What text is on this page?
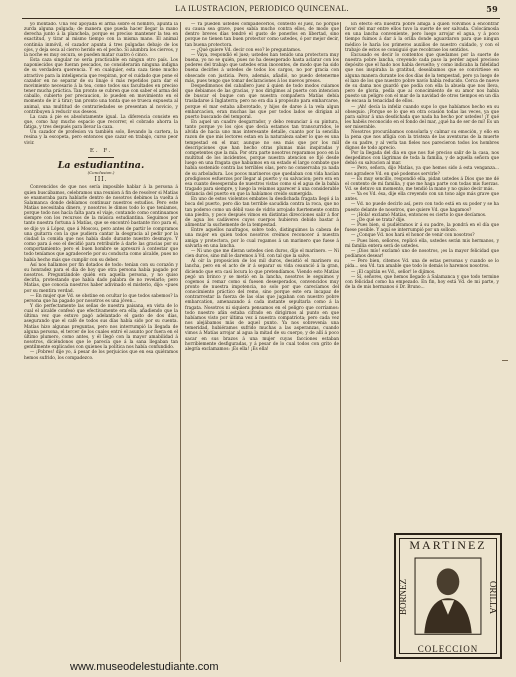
LA ILUSTRACION, PERIODICO QUINCENAL.	59

yo montado. Una vez apoyada el arma sobre el hombro, apunta la zurda alguna pulgada; de manera que pueda hacer llegar la mano derecha junto á la planchela, porque es preciso mantener la tea en exactitud, y tirar al mismo tiempo con la misma mano. El animal continúa inmóvil, el cazador apunta á tres pulgadas debajo de los ojos, y deja seca al ciervo herido en el pecho. Si alumbra los ciervos, y la noche es muy oscura, se pueden matar cuatro ó cinco.

Esta caza singular no sería practicable en ningun otro país. Los naponiecidos que fueran pescados, no considerarán ninguna indigna de su verdadera querencia. Y en cualquier, esta caza tiene mucho atractivo para la inteligencia que respiran, por el cuidado que pone el cazador en no separar de su linaje ó más repetidos para dar el movimiento necesario á la tea, como todos sus facultades en preciso tener mucha práctica. Tan pronto se cubren que con saber el arma del caballo, cubierto por precaucion, lo pueden en movimiento en el momento de ir á tirar; tan pronto una tonta que se trueca expuesta al animal, una multitud de contrariedades se presentan al novicio, y contribuyen á reducir sus deseos.

La caza á pie es absolutamente igual. La diferencia consiste en que, como hay mucho espacio que recorrer, el cobrado ahorra la fatiga, y tres después para llevar la caza.

Un cazador de profesion va también solo, llevando la cartera, la resina y la escopeta, pero entonces que cazar en trabajo, curso peor vivir.

E. F.
La estudiantina.
(Conclusion.)
III.

Convencidos de que nos sería imposible hablar á la persona á quien buscábamos, celebramos una reunion á fin de resolver si Matías se enamoraba para hablarle dentro de nosotros debimos la vuelta á Salamanca donde debíamos continuar nuestros estudios. Pero este Matías necesitaba dinero, y nosotros le dimos todo lo que teníamos, porque todo nos hacía falta para el viaje, contando como continuamos siempre con los recursos de la música estudiantina. Seguimos por tanto nuestra fortuna á Matías, que se encontró bastante rico para el, se dijo yo á López, que á Moscou, pero antes de partir le compramos una guitarra con la que pudiera cantar la desgracia al pedir por la ciudad la comida que nos había dado durante nuestro desmayo. Y como para á eso el decidió para retribuirle á darle las gracias por su comportamiento; pero el buen hombre se apresuró á contestar que todo teníamos que agradecerle por su conducta como alcalde, pues no había hecho más que cumplir con su deber.

Así nos hallamos por fin dotados de todo: tenían con su corazón y su honradez para el día de hoy que otra persona había pagado por nosotros. Preguntándole quién era aquella persona, y no quiso decirla, protestando que había dado palabra de no revelarlo; pero Matías, que conocía nuestros haber adivinado el misterio, dijo: «pues por su mentira verdad.

— En mujer que Vd. se obstine en ocultar lo que todos sabemos? la persona que ha pagado por nosotros es una jóven...

Y dio perfectamente las señas de nuestra paisana, en vista de lo cual el alcalde confesó que efectivamente era ella; añadiendo que la última vez que estuvo pagó adelantado el gasto de dos días, asegurando que el café de todos sus días había sido por su cuenta. Matías hizo algunas preguntas, pero nos interrumpió la llegada de alguna persona, el tercer de los cuales entró el asunto por fuera en el último plumero, como antes, y él llegó con la mayor amabilidad á nosotros, diciéndonos que le parecía que á la sana llegaban tan gentilmente explicados con quienes la política nos había confundido.

— ¡Pobres! dije yo, á pesar de los perjuicios que en esa quiéramos hemos sufrido, los compadezco.

— Ya pueden ustedes compadecerlos, contestó el juez, no porque su causa sea grave, pues sabía mucho contra ellos, de modo que dentro breves días tendré el gusto de ponerlos en libertad, sino porque no tienen tan buen protector como ustedes, ó por mejor decir, tan buena protectora.

— ¿Qué quiere Vd. decir con eso? le preguntamos.

— Vaya, respondió el juez; ustedes han tenido una protectora muy buena, yo no se quién, pues no ha desesperado hasta aclarar con los poderes del trabajo que ustedes eran inocentes, de modo que ha sido buena decirles á ustedes de todos los cargos, no por gracia con obsecado con justicia. Pero, además, añadió, no puedo detenerme más, pues tengo que tomar declaraciones á los nuevos presos.

Despedimonos del caballero juez á quien de todo modos cuiamos que debiamos de las gracias, y nos dirigimos al puerto con intencion de buscar el buque con que nuestra compañera Matías debía trasladarse á Inglaterra; pero no era dia á propósito para embarcarse, porque el mar estaba alborotado, y hijos de darse á la vela algun embarcacion, eran muchas las que por todos lados se dirigian al puerto buscando del temporal.

En aquel un cuadro desgarrador, y debo renunciar á su pintura, tanto porque yo los ojos que decía estamos tan transcurridos, le alvida de hacia uno mas interesante detalle, cuanto por la sencilla razon de que mis lectores estan en la naturaleza saber lo que es una tempestad en el mar, aunque no sea más que por los mil descripciones que han hecho otras plumas más inspiradas y competentes que la mía. Por otra parte nosotros reparamos poco en la multitud de los incidentes, porque nuestra atencion se fijó desde luego en una fragata que habíamos en su estado el largo combate que había sostenido contra las terribles olas, pero no conservaba ya nada de su arboladura. Los pocos marineros que quedaban con vida hacían prodigiosos esfuerzos por llegar al puerto y su salvacion; pero era en esa cuanto desesperaba de nuestros vistas como si el agua de la bahía tragado para siempre, y luego la veíamos aparecer á una considerable distancia del puerto en que la habíamos creído sumergida.

En uno de estos violentos embates la desdichada fragata llegó á la boca del puerto, pero dio tan terrible sacudida contra la roca, que no tan poderso como un débil vaso de vidrio arrojado fuertemente contra una piedra, y poco después vimos en distintas direcciones salir á flor de agua los cadáveres cuyos cuerpos hubieron debido bastar á alimentar la suchemente de la tempestad.

Entre aquellos naufragos, sobre todo, distinguimos la cabeza de una mujer en quien todos nosotros creímos reconocer á nuestra amiga y protectora, por lo cual rogamos á un marinero que fuese á salvarla en una lancha.

— Ni uno que me dieran ustedes cien duros, dijo el marinero. — Ni cien duros, sino mil le daremos á Vd. con tal que la salve.

Al oír la proposicion de los mil duros, desistió el marinero su lancha, pero en el acto de ir á separar su vida ceaunció á la gran, diciendo que era casi locura lo que pretendíamos. Viendo esto Matías pegó un brinco y se metió en la lancha, nosotros le seguimos y cogemos á remar como si fuesen desesperados, convencidos muy pronto de nuestra impotencia, no solo por que carecíamos del conocimiento práctico del remo, sino porque este era incapaz de contrarrestar la fuerza de las olas que jugaban con nuestro pobre embarcation, amenazando á cada instante sepultarla como á la fragata. Nosotros ni siquiera pensamos en el peligro que corríamos: todo nuestro afán estaba cifrado en dirigirnos al punto en que habíamos visto por última vez á nuestra compatriota; pero cada vez nos alejábamos más de aquel punto. Ya nos sobrevenía una temeridad, hubiéramos sufrido muchas a las asperanzas, cuando vimos á Matías arrojar al agua la mitad de su cuerpo, y de allí á poco sacar en sus brazos á una mujer cuyas facciones estaban horriblemente desfiguradas, y á pesar de lo cual todos con grito de alegría exclamamos: ¡Es ella! ¡Es ella!

En efecto era nuestra pobre amiga á quien volvimos á encontrar favor del mar entre ellos tuvo la suerte de ser salvada. Colocámosla en una lancha conveniente, pero luego arrojar el agua, y á poco tiempo fuimos á dar á la orilla donde aguardaron para que ningun médico le haría los primeros auxilios de nuestro cuidado, y con el trabajo de estos se consiguió que recobrase los sentidos.

Excusado es decir lo contentos que quedamos por la suerte de nuestra pobre lancha, creyendo cada paso la perder aquel precioso depósito que el hado nos había devuelto; y como indicaba la fidelidad que nos inspiraba la gratitud, deseábamos que se convirtiese en alguna manera durante los dos días de la tempestad, pero ya luego de el lazo de los que nuestro pobre navío había reducido. Cerca de nueve de su dama nos guardó que podía con ella la abuela que nos lleva, pero de gloria, pedía que al conocimiento de su amor nos había puesto un peligro con el mar de la navidad de otros tiempos en un día de escasa la tenacidad de ellos.

— ¡Ah! decía la infeliz cuando supo lo que habíamos hecho en su obsequio. ¡Porque se lo que en otra ocasión todas las veces, ya que para salvar á una desdichada que nada ha hecho por ustedes! ¡Y qué les habéis reconocido en el fondo del mar, ¿qué ha de ser de mí! Es un ser miserable.

Nosotros procurábamos consolarla y calmar su emoción, y ello en la pena que nos afligía con la tristeza de las aventuras de la muerte de su padre, y al verla tan fieles nos parecieron todos los hombres dignos de todo aprecio.

Por la llegada del dia en que nos fué preciso salir de la casa, nos despedimos con lágrimas de toda la familia, y de aquella señora que debió su salvacion al mar.

— Pero, señora, dijo Matías, ya que hemos sido á esta venganza... nos agradece Vd. en qué podemos servirle?

— Es muy sencillo, respondió ella, pidan ustedes á Dios que me dé el contento de mi familia, y que me haga parte con todas mis fuerzas. Vd. se detuvo un momento, me tendió la mano y no quiso decir más.

— Ya es Vd. ésa, dije ella creyendo con un tono algo más grave que antes.

— Vd. no puede decirlo así, pero con todo está en su poder y se ha puesto delante de nosotros, que quiere Vd. que hagamos?

— ¡Hola! exclamó Matías, entonces es cierto lo que decíamos.

— ¿De qué se trata? dije.

— Pues bien, si pudiéramos ir á su padre, la pondrá en el día que fuese posible. Y aquí se interrumpió por un sollozo.

— ¿Conque Vd. nos hará el honor de venir con nosotros?

— Pues bien, señores, replicó ella, ustedes serán mis hermanos, y mi familia entera será de ustedes.

— ¡Dios mío! exclamó uno de nosotros, ¡es la mayor felicidad que podíamos desear!

— Pero bien, citemos Vd. una de estas personas y cuando se lo pida... sea Vd. tan amable que todo lo demás lo haremos nosotros.

— ¡El capitán es Vd., señor! le dijimos.

— Sí, señores, que hemos llegado á Salamanca y que todo termine con felicidad como ha empezado. En fin, hoy está Vd. de mi parte, y de la de mis hermanos ó Dr. Bruno...

www.museodelestudiante.com
MARTINEZ
BORNEZ	ORILLA
COLECCION
